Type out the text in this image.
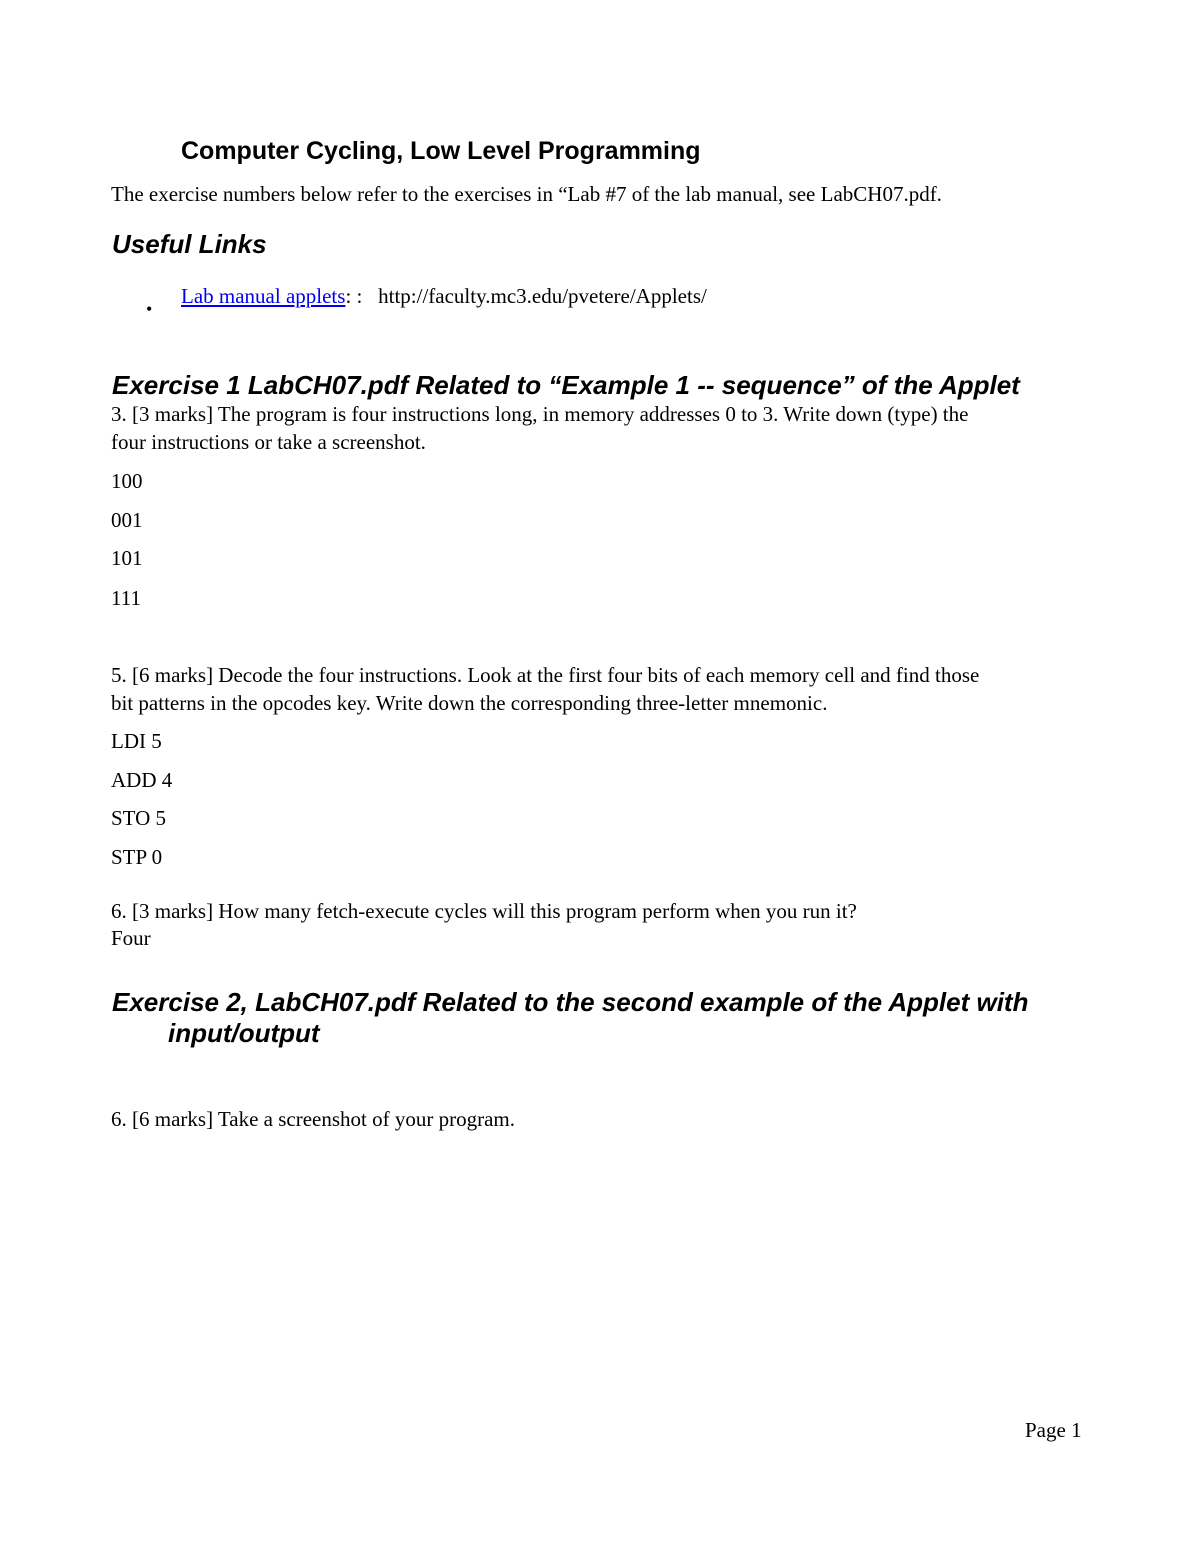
Computer Cycling, Low Level Programming
The exercise numbers below refer to the exercises in “Lab #7 of the lab manual, see LabCH07.pdf.
Useful Links
•
Lab manual applets: : http://faculty.mc3.edu/pvetere/Applets/
Exercise 1 LabCH07.pdf Related to “Example 1 -- sequence” of the Applet
3. [3 marks] The program is four instructions long, in memory addresses 0 to 3. Write down (type) the
four instructions or take a screenshot.
100
001
101
111
5. [6 marks] Decode the four instructions. Look at the first four bits of each memory cell and find those
bit patterns in the opcodes key. Write down the corresponding three-letter mnemonic.
LDI 5
ADD 4
STO 5
STP 0
6. [3 marks] How many fetch-execute cycles will this program perform when you run it?
Four
Exercise 2, LabCH07.pdf Related to the second example of the Applet with
input/output
6. [6 marks] Take a screenshot of your program.
Page 1
